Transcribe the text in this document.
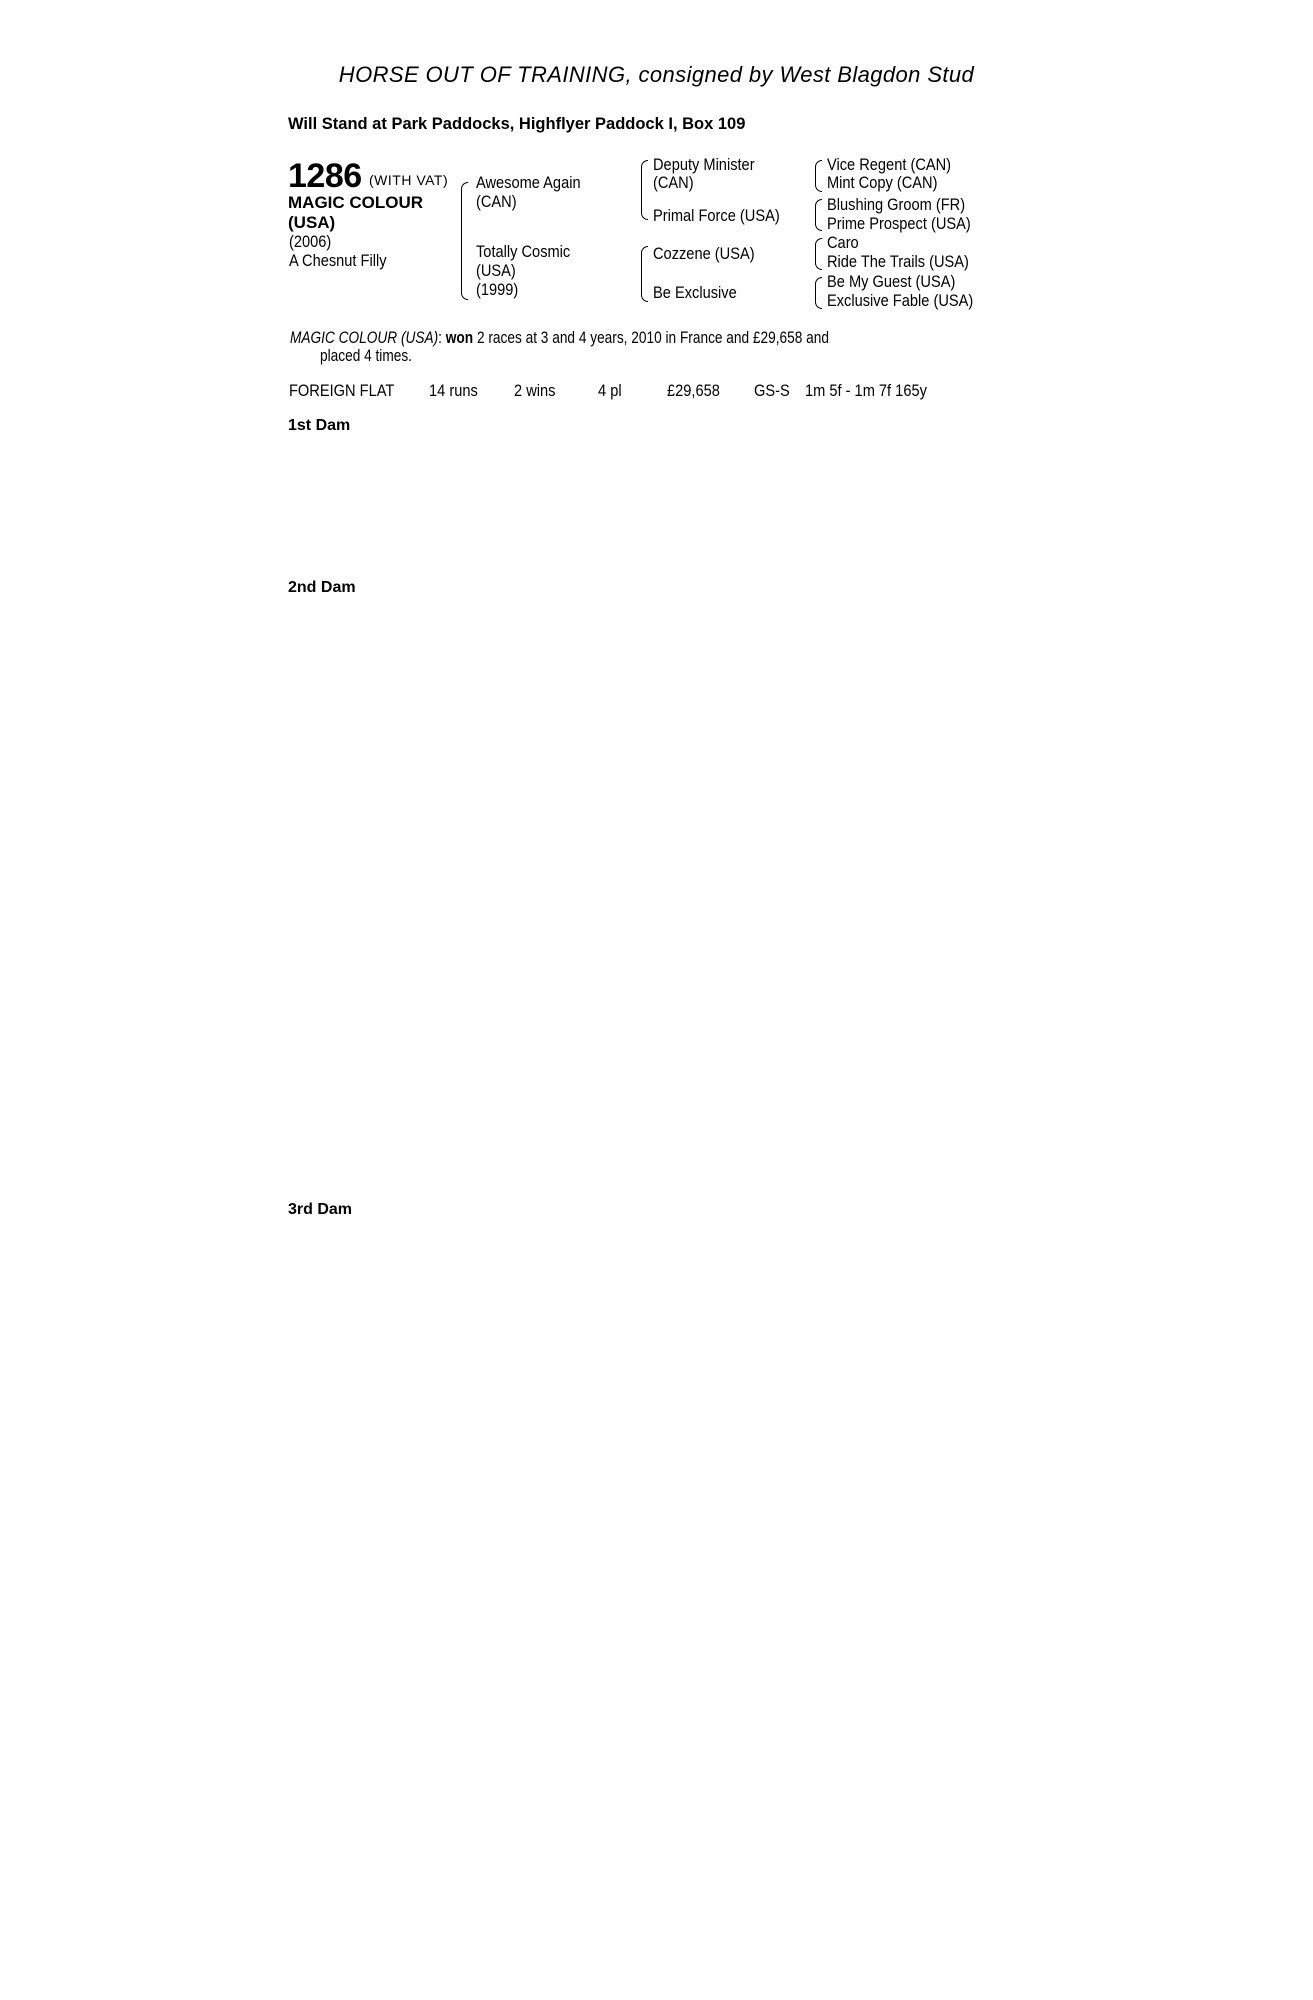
HORSE OUT OF TRAINING, consigned by West Blagdon Stud
Will Stand at Park Paddocks, Highflyer Paddock I, Box 109
1286 (WITH VAT)
MAGIC COLOUR
(USA)
(2006)
A Chesnut Filly
Awesome Again
(CAN)
Totally Cosmic
(USA)
(1999)
Deputy Minister
(CAN)
Primal Force (USA)
Cozzene (USA)
Be Exclusive
Vice Regent (CAN)
Mint Copy (CAN)
Blushing Groom (FR)
Prime Prospect (USA)
Caro
Ride The Trails (USA)
Be My Guest (USA)
Exclusive Fable (USA)
MAGIC COLOUR (USA): won 2 races at 3 and 4 years, 2010 in France and £29,658 and
placed 4 times.
FOREIGN FLAT 14 runs 2 wins	4 pl	£29,658 GS-S 1m 5f - 1m 7f 165y
1st Dam
2nd Dam
3rd Dam
